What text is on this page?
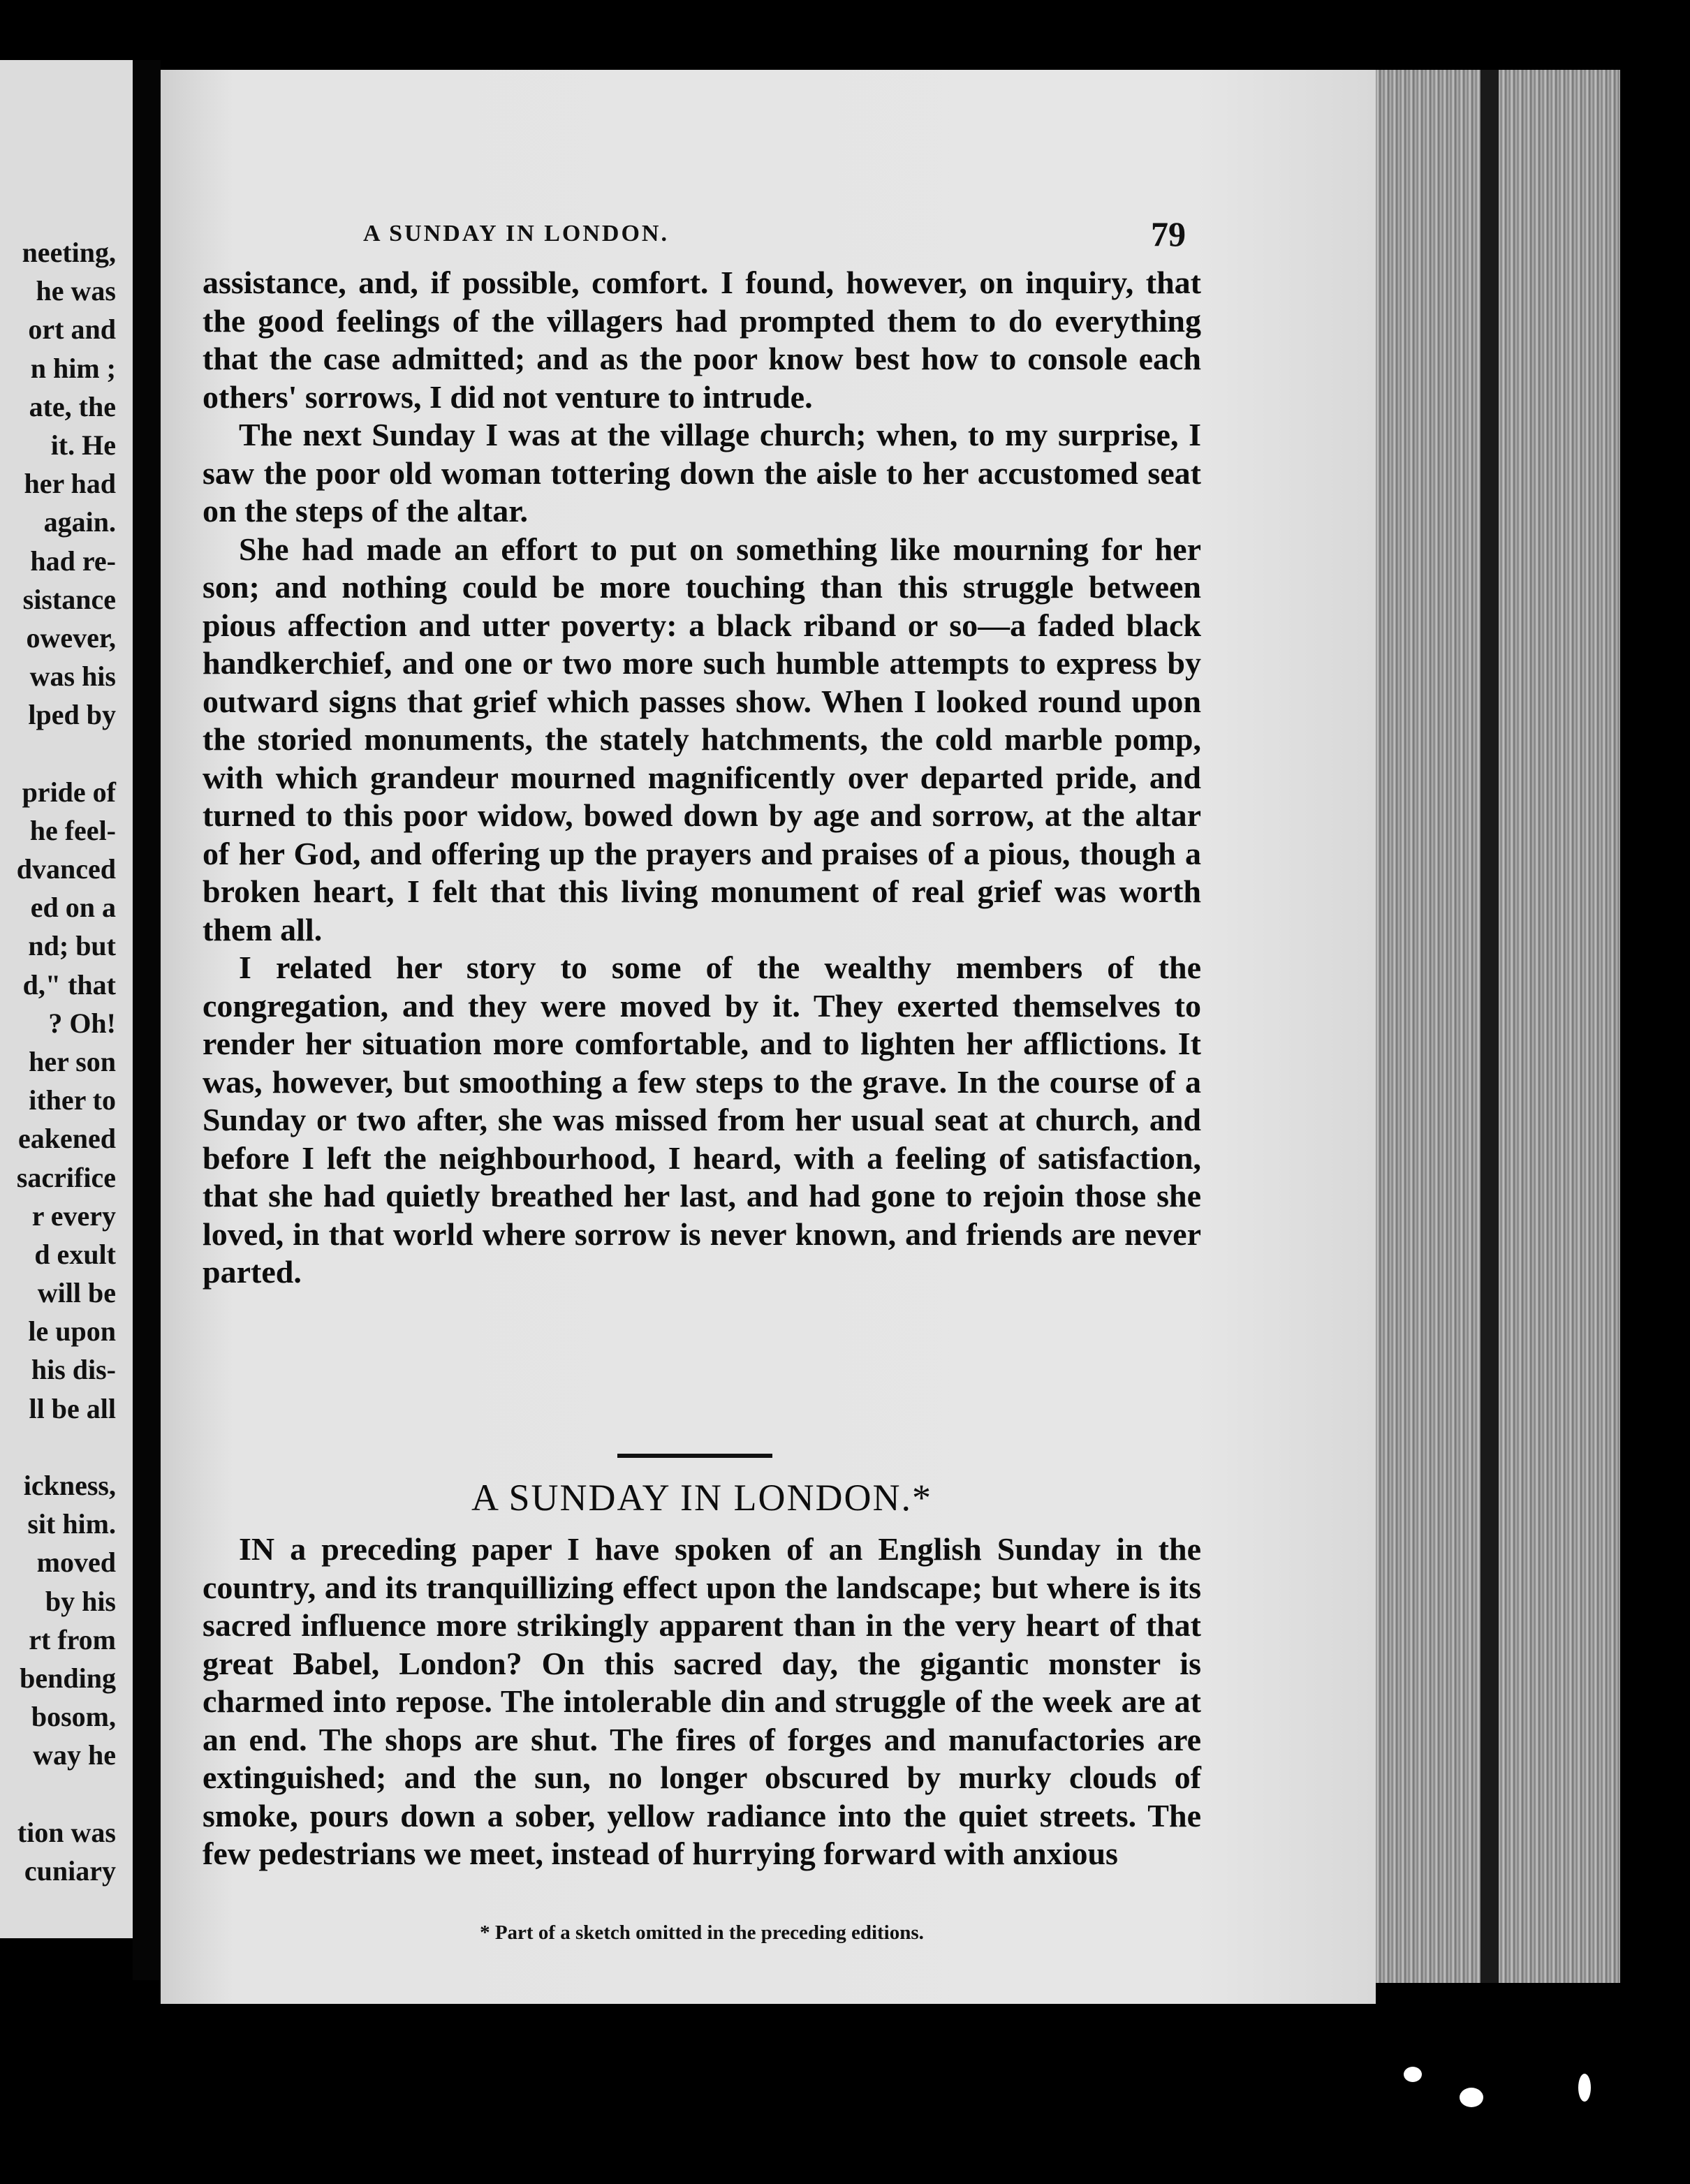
neeting,
he was
ort and
n him ;
ate, the
it. He
her had
again.
had re-
sistance
owever,
was his
lped by
pride of
he feel-
dvanced
ed on a
nd; but
d," that
? Oh!
her son
ither to
eakened
sacrifice
r every
d exult
will be
le upon
his dis-
ll be all
ickness,
sit him.
moved
by his
rt from
bending
bosom,
way he
tion was
cuniary
A SUNDAY IN LONDON.	79

assistance, and, if possible, comfort. I found, however, on inquiry, that the good feelings of the villagers had prompted them to do everything that the case admitted; and as the poor know best how to console each others' sorrows, I did not venture to intrude.

The next Sunday I was at the village church; when, to my surprise, I saw the poor old woman tottering down the aisle to her accustomed seat on the steps of the altar.

She had made an effort to put on something like mourning for her son; and nothing could be more touching than this struggle between pious affection and utter poverty: a black riband or so—a faded black handkerchief, and one or two more such humble attempts to express by outward signs that grief which passes show. When I looked round upon the storied monuments, the stately hatchments, the cold marble pomp, with which grandeur mourned magnificently over departed pride, and turned to this poor widow, bowed down by age and sorrow, at the altar of her God, and offering up the prayers and praises of a pious, though a broken heart, I felt that this living monument of real grief was worth them all.

I related her story to some of the wealthy members of the congregation, and they were moved by it. They exerted themselves to render her situation more comfortable, and to lighten her afflictions. It was, however, but smoothing a few steps to the grave. In the course of a Sunday or two after, she was missed from her usual seat at church, and before I left the neighbourhood, I heard, with a feeling of satisfaction, that she had quietly breathed her last, and had gone to rejoin those she loved, in that world where sorrow is never known, and friends are never parted.

A SUNDAY IN LONDON.*

IN a preceding paper I have spoken of an English Sunday in the country, and its tranquillizing effect upon the landscape; but where is its sacred influence more strikingly apparent than in the very heart of that great Babel, London? On this sacred day, the gigantic monster is charmed into repose. The intolerable din and struggle of the week are at an end. The shops are shut. The fires of forges and manufactories are extinguished; and the sun, no longer obscured by murky clouds of smoke, pours down a sober, yellow radiance into the quiet streets. The few pedestrians we meet, instead of hurrying forward with anxious

* Part of a sketch omitted in the preceding editions.
